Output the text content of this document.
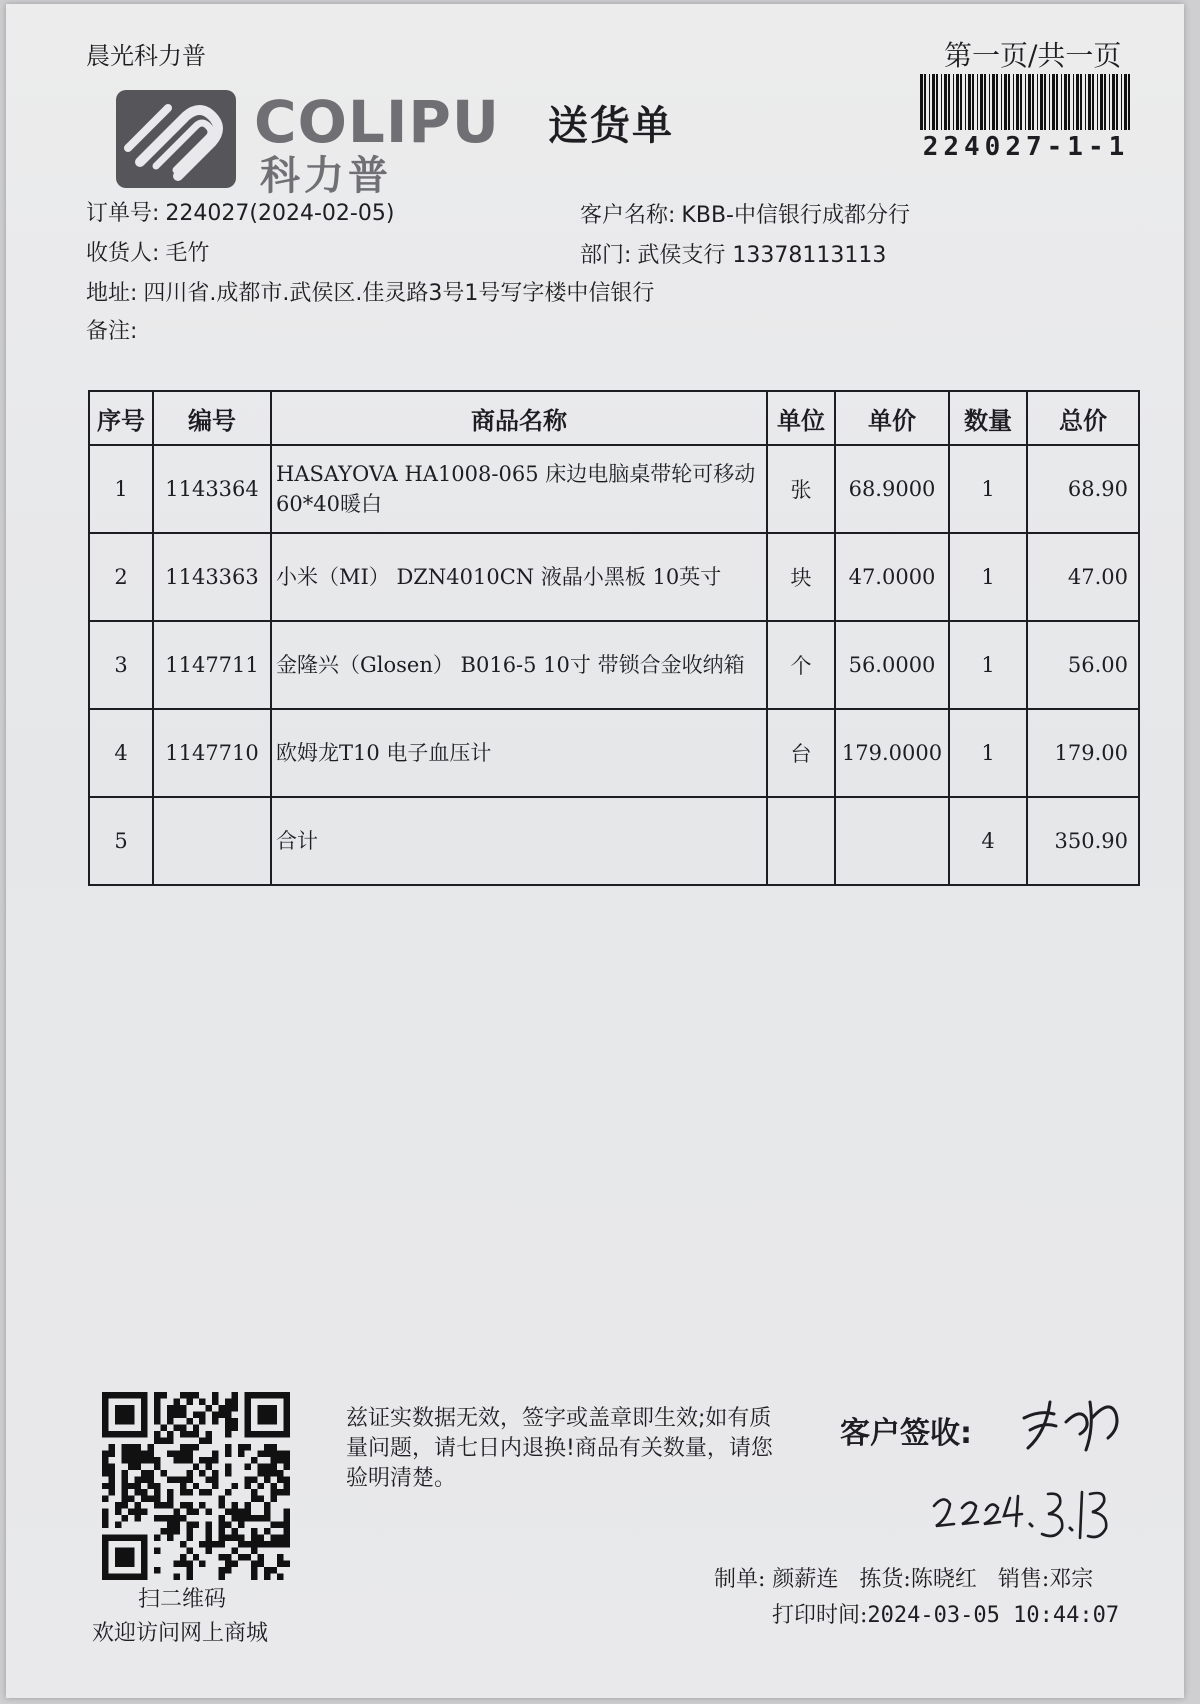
晨光科力普	第一页/共一页
224027-1-1
COLIPU
科力普
送货单
订单号: 224027(2024-02-05)	客户名称: KBB-中信银行成都分行
收货人: 毛竹	部门: 武侯支行 13378113113
地址: 四川省.成都市.武侯区.佳灵路3号1号写字楼中信银行
备注:
序号	编号	商品名称	单位	单价	数量	总价
1	1143364	HASAYOVA HA1008-065 床边电脑桌带轮可移动60*40暖白	张	68.9000	1	68.90
2	1143363	小米（MI） DZN4010CN 液晶小黑板 10英寸	块	47.0000	1	47.00
3	1147711	金隆兴（Glosen） B016-5 10寸 带锁合金收纳箱	个	56.0000	1	56.00
4	1147710	欧姆龙T10 电子血压计	台	179.0000	1	179.00
5		合计			4	350.90
扫二维码
欢迎访问网上商城
兹证实数据无效，签字或盖章即生效;如有质量问题，请七日内退换!商品有关数量，请您验明清楚。
客户签收:
制单: 颜薪连 拣货:陈晓红 销售:邓宗
打印时间:2024-03-05 10:44:07
